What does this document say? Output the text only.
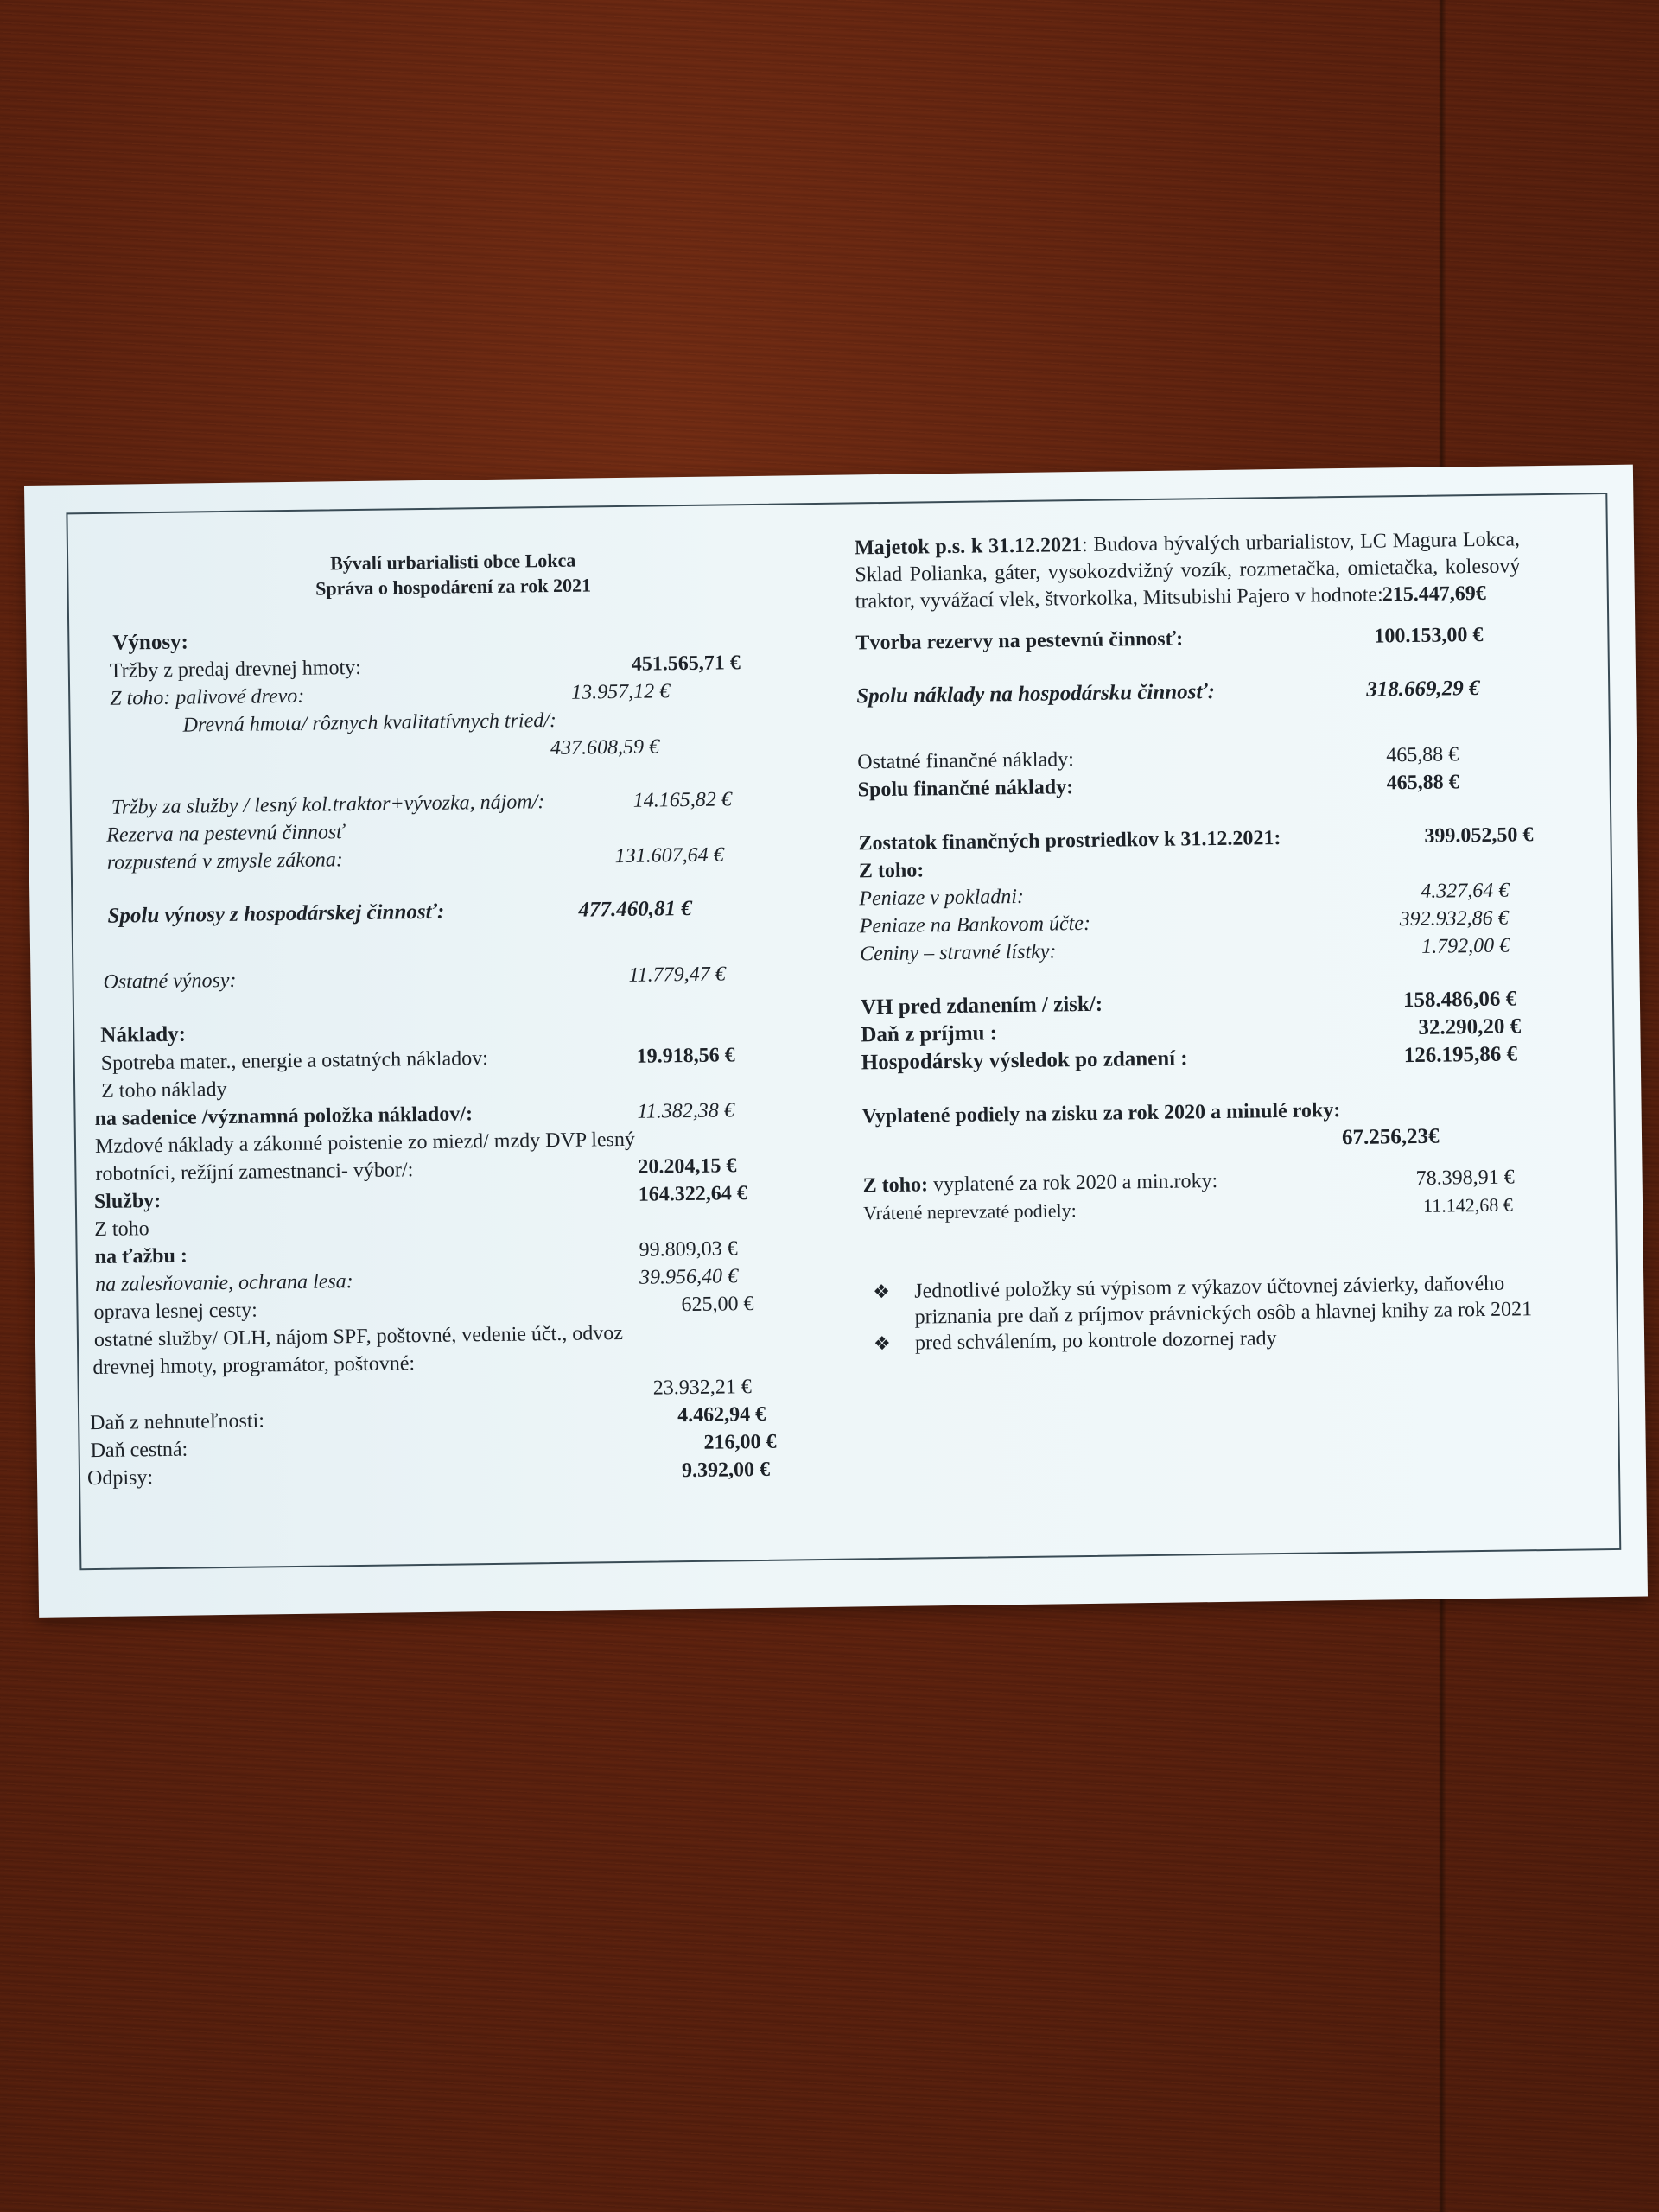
Bývalí urbarialisti obce Lokca
Správa o hospodárení za rok 2021
Výnosy:
Tržby z predaj drevnej hmoty:	451.565,71 €
Z toho: palivové drevo:	13.957,12 €
Drevná hmota/ rôznych kvalitatívnych tried/:
437.608,59 €
Tržby za služby / lesný kol.traktor+vývozka, nájom/:	14.165,82 €
Rezerva na pestevnú činnosť
rozpustená v zmysle zákona:	131.607,64 €
Spolu výnosy z hospodárskej činnosť:	477.460,81 €
Ostatné výnosy:	11.779,47 €
Náklady:
Spotreba mater., energie a ostatných nákladov:	19.918,56 €
Z toho náklady
na sadenice /významná položka nákladov/:	11.382,38 €
Mzdové náklady a zákonné poistenie zo miezd/ mzdy DVP lesný
robotníci, režíjní zamestnanci- výbor/:	20.204,15 €
Služby:	164.322,64 €
Z toho
na ťažbu :	99.809,03 €
na zalesňovanie, ochrana lesa:	39.956,40 €
oprava lesnej cesty:	625,00 €
ostatné služby/ OLH, nájom SPF, poštovné, vedenie účt., odvoz
drevnej hmoty, programátor, poštovné:
23.932,21 €
Daň z nehnuteľnosti:	4.462,94 €
Daň cestná:	216,00 €
Odpisy:	9.392,00 €
Majetok p.s. k 31.12.2021: Budova bývalých urbarialistov, LC Magura Lokca, Sklad Polianka, gáter, vysokozdvižný vozík, rozmetačka, omietačka, kolesový traktor, vyvážací vlek, štvorkolka, Mitsubishi Pajero v hodnote:
215.447,69€
Tvorba rezervy na pestevnú činnosť:	100.153,00 €
Spolu náklady na hospodársku činnosť:	318.669,29 €
Ostatné finančné náklady:	465,88 €
Spolu finančné náklady:	465,88 €
Zostatok finančných prostriedkov k 31.12.2021:	399.052,50 €
Z toho:
Peniaze v pokladni:	4.327,64 €
Peniaze na Bankovom účte:	392.932,86 €
Ceniny – stravné lístky:	1.792,00 €
VH pred zdanením / zisk/:	158.486,06 €
Daň z príjmu :	32.290,20 €
Hospodársky výsledok po zdanení :	126.195,86 €
Vyplatené podiely na zisku za rok 2020 a minulé roky:
67.256,23€
Z toho: vyplatené za rok 2020 a min.roky:	78.398,91 €
Vrátené neprevzaté podiely:	11.142,68 €
❖ Jednotlivé položky sú výpisom z výkazov účtovnej závierky, daňového priznania pre daň z príjmov právnických osôb a hlavnej knihy za rok 2021
❖ pred schválením, po kontrole dozornej rady
